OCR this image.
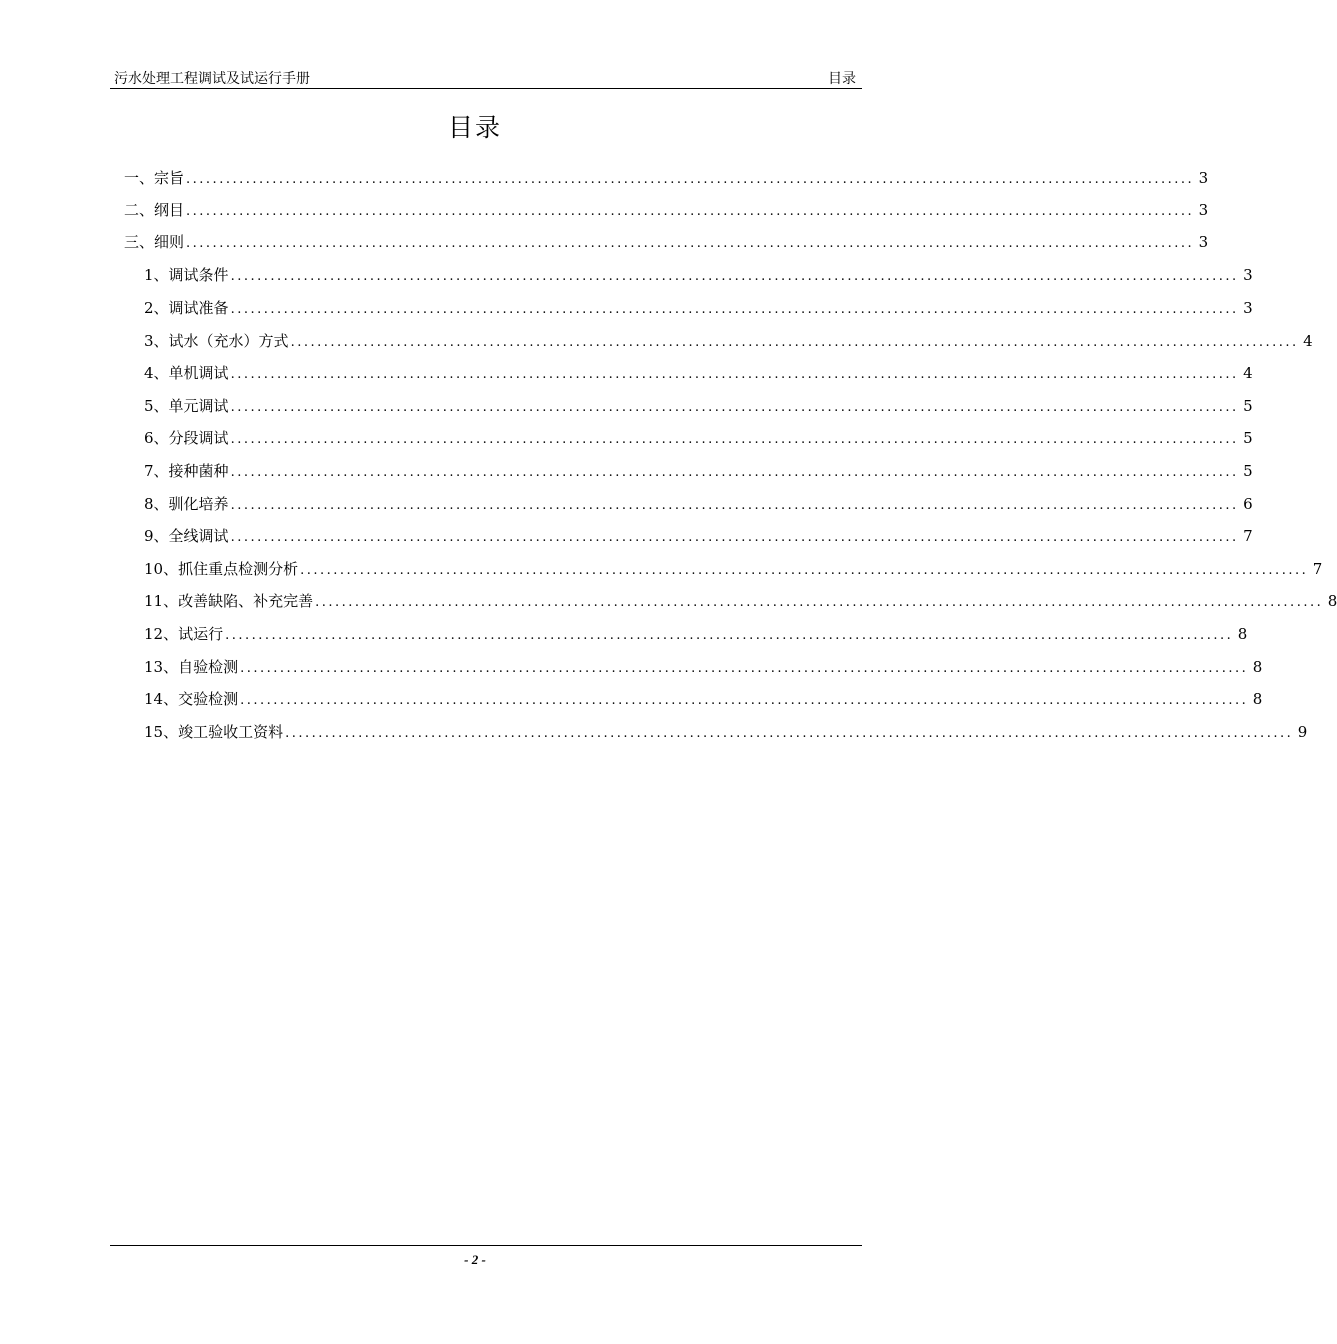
污水处理工程调试及试运行手册	目录
目录
一、 宗旨 ........................................................................................................................................................ 3
二、 纲目 ........................................................................................................................................................ 3
三、 细则 ........................................................................................................................................................ 3
1、 调试条件 ........................................................................................................................................................ 3
2、 调试准备 ........................................................................................................................................................ 3
3、 试水（充水）方式 ........................................................................................................................................................ 4
4、 单机调试 ........................................................................................................................................................ 4
5、 单元调试 ........................................................................................................................................................ 5
6、 分段调试 ........................................................................................................................................................ 5
7、 接种菌种 ........................................................................................................................................................ 5
8、 驯化培养 ........................................................................................................................................................ 6
9、 全线调试 ........................................................................................................................................................ 7
10、 抓住重点检测分析 ........................................................................................................................................................ 7
11、 改善缺陷、补充完善 ........................................................................................................................................................ 8
12、 试运行 ........................................................................................................................................................ 8
13、 自验检测 ........................................................................................................................................................ 8
14、 交验检测 ........................................................................................................................................................ 8
15、 竣工验收工资料 ........................................................................................................................................................ 9
- 2 -
